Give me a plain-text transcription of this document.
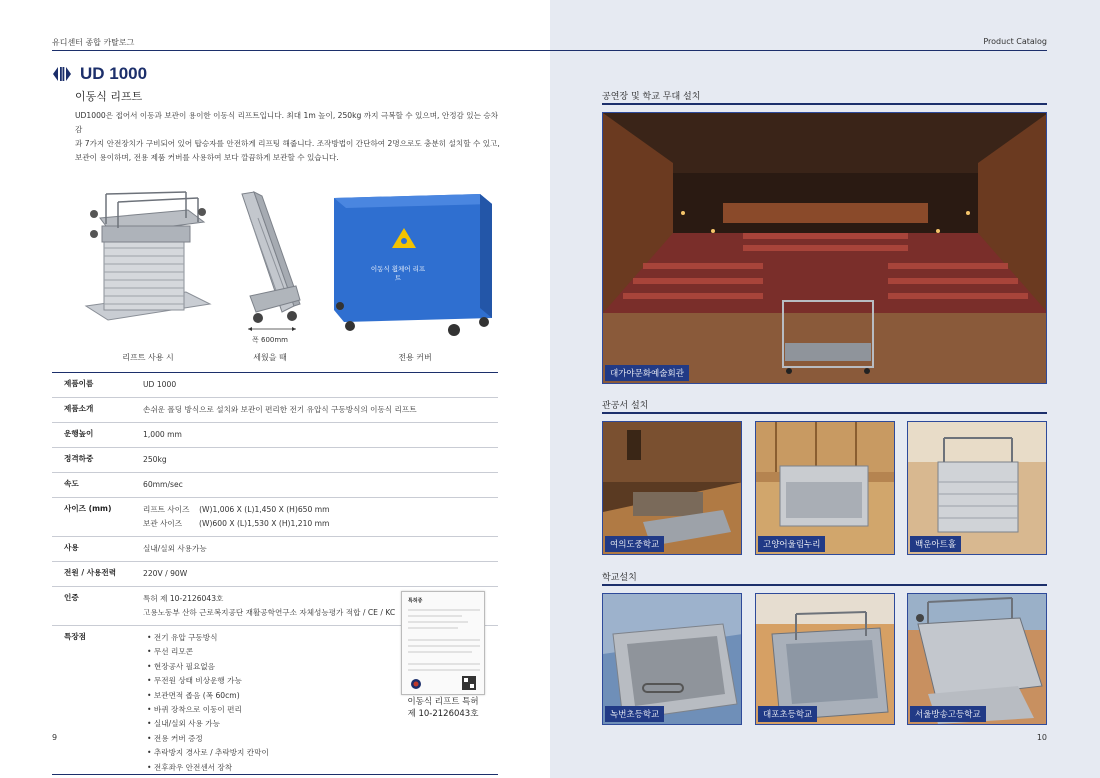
유디센터 종합 카탈로그
UD 1000
이동식 리프트
UD1000은 접어서 이동과 보관이 용이한 이동식 리프트입니다. 최대 1m 높이, 250kg 까지 극복할 수 있으며, 안정감 있는 승차감
과 7가지 안전장치가 구비되어 있어 탑승자를 안전하게 리프팅 해줍니다. 조작방법이 간단하여 2명으로도 충분히 설치할 수 있고,
보관이 용이하며, 전용 제품 커버를 사용하여 보다 깔끔하게 보관할 수 있습니다.
리프트 사용 시
폭 600mm
세웠을 때
이동식 휠체어 리프트
전용 커버
제품이름	UD 1000
제품소개	손쉬운 폴딩 방식으로 설치와 보관이 편리한 전기 유압식 구동방식의 이동식 리프트
운행높이	1,000 mm
정격하중	250kg
속도	60mm/sec
사이즈 (mm)	리프트 사이즈    (W)1,006 X (L)1,450 X (H)650 mm
보관 사이즈       (W)600 X (L)1,530 X (H)1,210 mm
사용	실내/실외 사용가능
전원 / 사용전력	220V / 90W
인증	특허 제 10-2126043호
고용노동부 산하 근로복지공단 재활공학연구소 자체성능평가 적합 / CE / KC
특장점
•	전기 유압 구동방식
• 무선 리모콘
• 현장공사 필요없음
• 무전원 상태 비상운행 가능
• 보관면적 좁음 (폭 60cm)
• 바퀴 장착으로 이동이 편리
• 실내/실외 사용 가능
• 전용 커버 증정
• 추락방지 경사로 / 추락방지 칸막이
• 전후좌우 안전센서 장착
특허증
이동식 리프트 특허
제 10-2126043호
9
Product Catalog
공연장 및 학교 무대 설치
대가야문화예술회관
관공서 설치
여의도중학교	고양어울림누리	백운아트홀
학교설치
녹번초등학교	대포초등학교	서울방송고등학교
10
